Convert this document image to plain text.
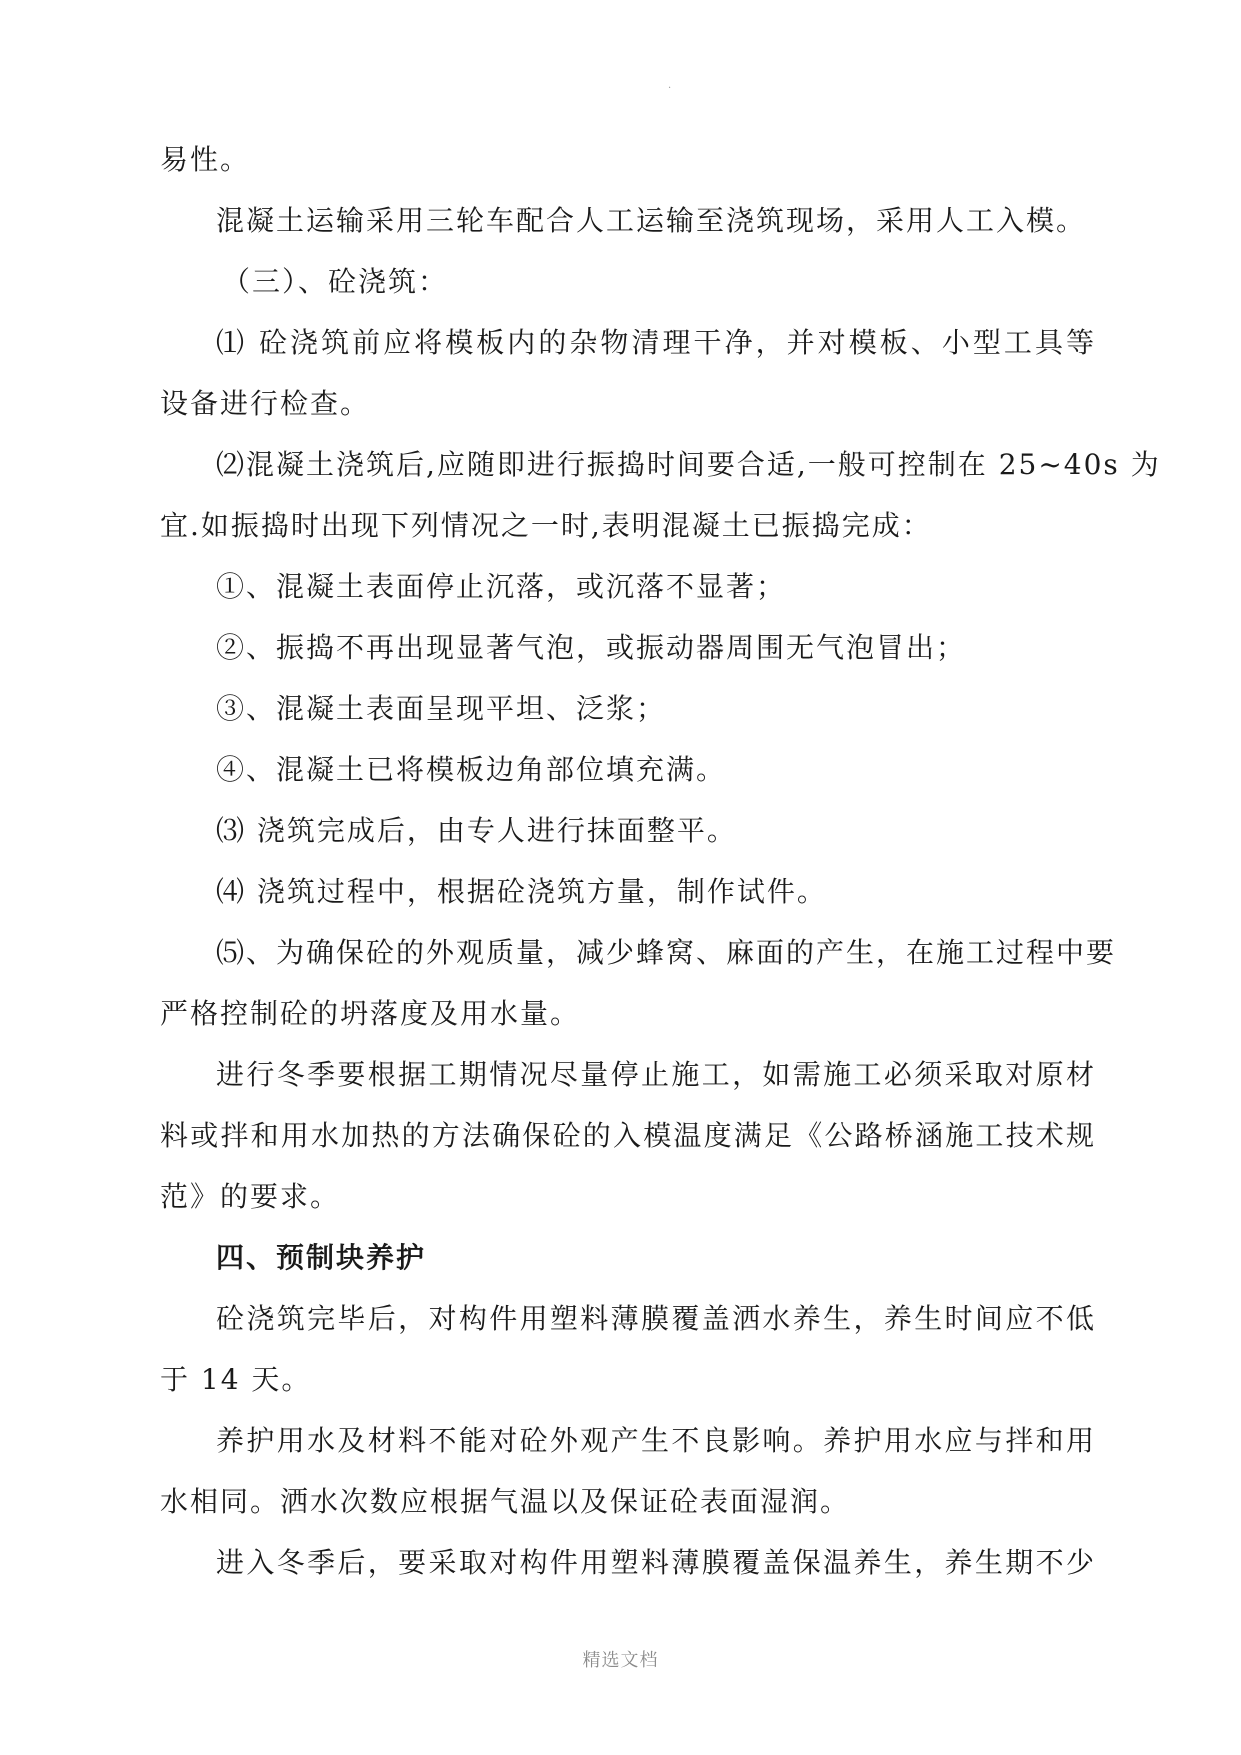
.
易性。
混凝土运输采用三轮车配合人工运输至浇筑现场，采用人工入模。
（三）、砼浇筑：
⑴ 砼浇筑前应将模板内的杂物清理干净，并对模板、小型工具等
设备进行检查。
⑵混凝土浇筑后,应随即进行振捣时间要合适,一般可控制在 25~40s 为
宜.如振捣时出现下列情况之一时,表明混凝土已振捣完成：
①、混凝土表面停止沉落，或沉落不显著；
②、振捣不再出现显著气泡，或振动器周围无气泡冒出；
③、混凝土表面呈现平坦、泛浆；
④、混凝土已将模板边角部位填充满。
⑶ 浇筑完成后，由专人进行抹面整平。
⑷ 浇筑过程中，根据砼浇筑方量，制作试件。
⑸、为确保砼的外观质量，减少蜂窝、麻面的产生，在施工过程中要
严格控制砼的坍落度及用水量。
进行冬季要根据工期情况尽量停止施工，如需施工必须采取对原材
料或拌和用水加热的方法确保砼的入模温度满足《公路桥涵施工技术规
范》的要求。
四、预制块养护
砼浇筑完毕后，对构件用塑料薄膜覆盖洒水养生，养生时间应不低
于 14 天。
养护用水及材料不能对砼外观产生不良影响。养护用水应与拌和用
水相同。洒水次数应根据气温以及保证砼表面湿润。
进入冬季后，要采取对构件用塑料薄膜覆盖保温养生，养生期不少
精选文档
